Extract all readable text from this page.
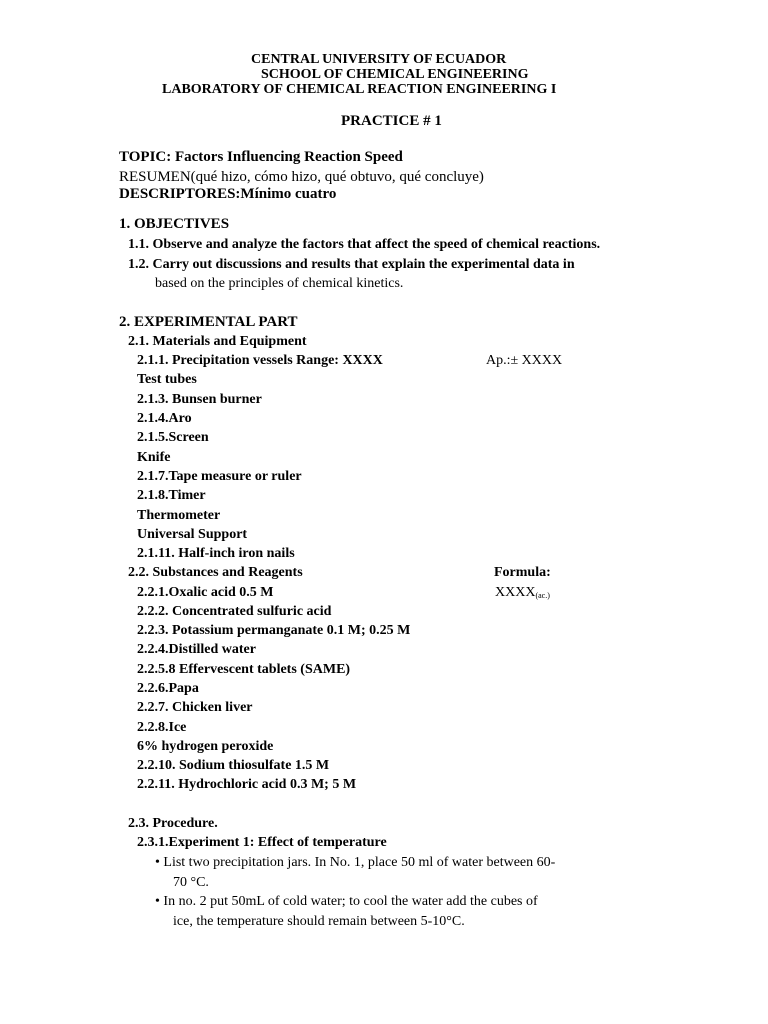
CENTRAL UNIVERSITY OF ECUADOR
SCHOOL OF CHEMICAL ENGINEERING
LABORATORY OF CHEMICAL REACTION ENGINEERING I
PRACTICE # 1
TOPIC: Factors Influencing Reaction Speed
RESUMEN(qué hizo, cómo hizo, qué obtuvo, qué concluye)
DESCRIPTORES:Mínimo cuatro
1. OBJECTIVES
1.1. Observe and analyze the factors that affect the speed of chemical reactions.
1.2. Carry out discussions and results that explain the experimental data in
based on the principles of chemical kinetics.
2. EXPERIMENTAL PART
2.1. Materials and Equipment
2.1.1. Precipitation vessels Range: XXXX	Ap.:± XXXX
Test tubes
2.1.3. Bunsen burner
2.1.4.Aro
2.1.5.Screen
Knife
2.1.7.Tape measure or ruler
2.1.8.Timer
Thermometer
Universal Support
2.1.11. Half-inch iron nails
2.2. Substances and Reagents	Formula:
2.2.1.Oxalic acid 0.5 M	$XXXX_{(ac.)}$
2.2.2. Concentrated sulfuric acid
2.2.3. Potassium permanganate 0.1 M; 0.25 M
2.2.4.Distilled water
2.2.5.8 Effervescent tablets (SAME)
2.2.6.Papa
2.2.7. Chicken liver
2.2.8.Ice
6% hydrogen peroxide
2.2.10. Sodium thiosulfate 1.5 M
2.2.11. Hydrochloric acid 0.3 M; 5 M
2.3. Procedure.
2.3.1.Experiment 1: Effect of temperature
• List two precipitation jars. In No. 1, place 50 ml of water between 60-
70 °C.
• In no. 2 put 50mL of cold water; to cool the water add the cubes of
ice, the temperature should remain between 5-10°C.
